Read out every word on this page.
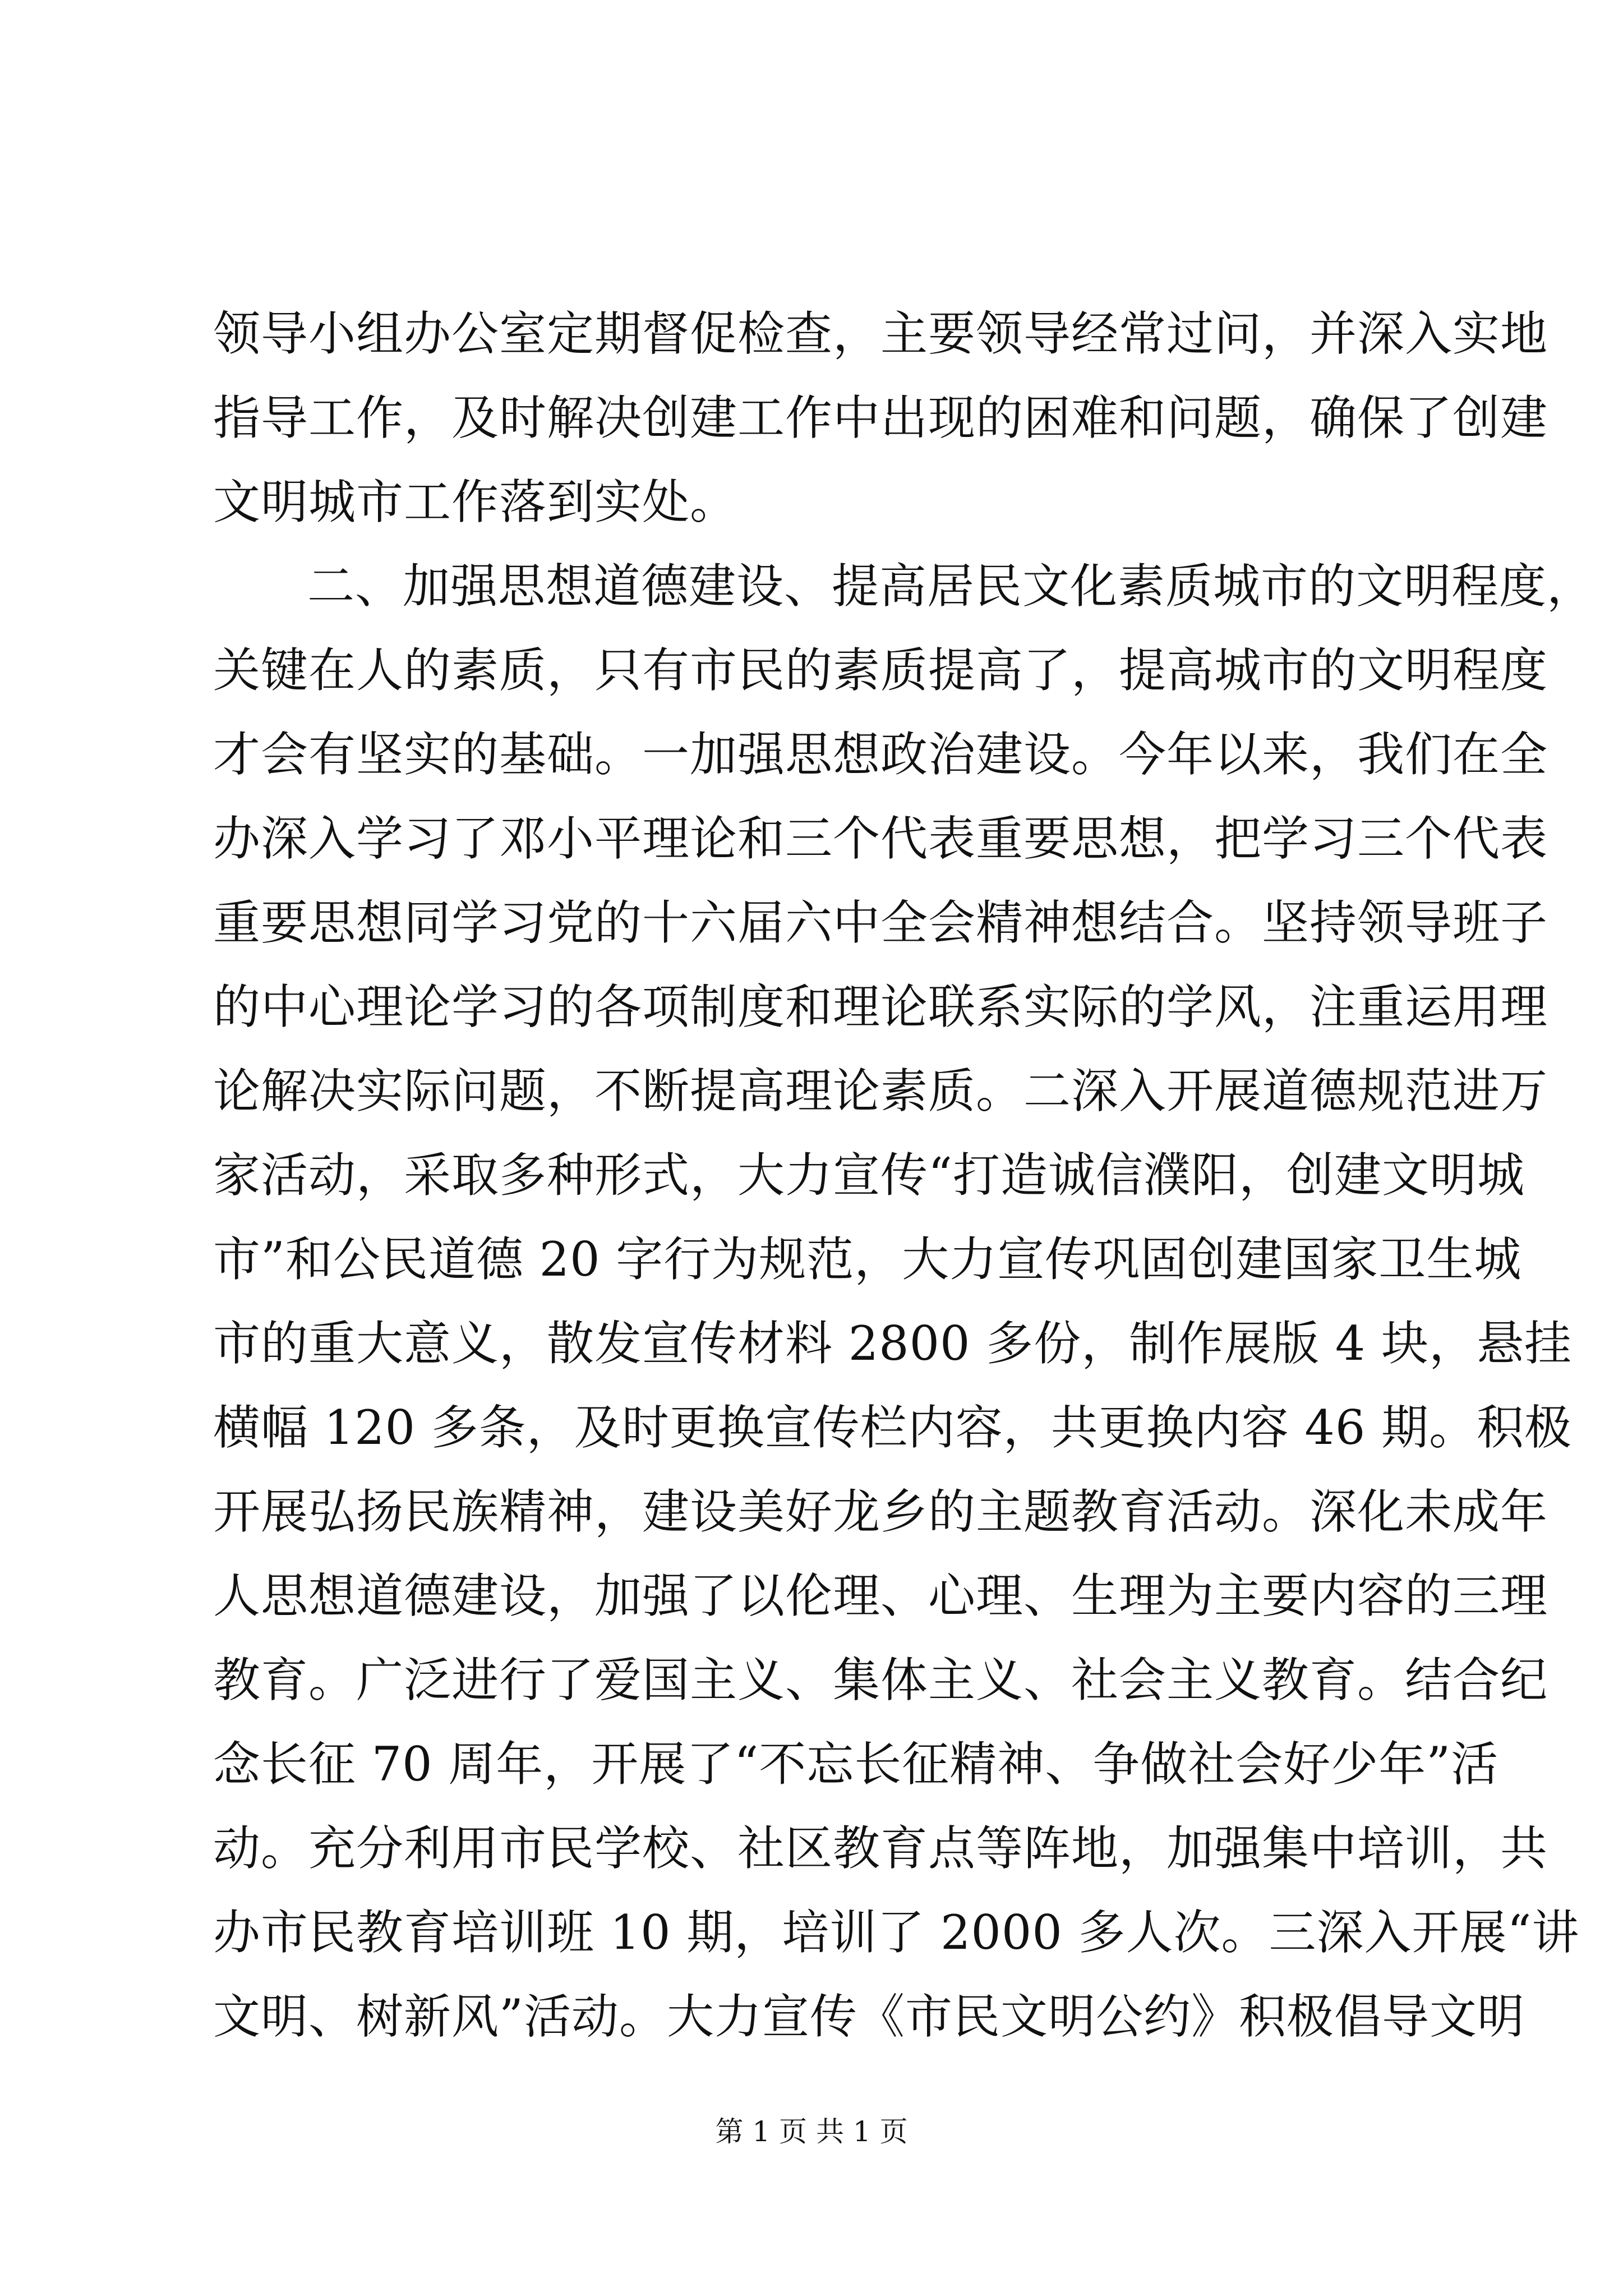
领导小组办公室定期督促检查，主要领导经常过问，并深入实地
指导工作，及时解决创建工作中出现的困难和问题，确保了创建
文明城市工作落到实处。
二、加强思想道德建设、提高居民文化素质城市的文明程度，
关键在人的素质，只有市民的素质提高了，提高城市的文明程度
才会有坚实的基础。一加强思想政治建设。今年以来，我们在全
办深入学习了邓小平理论和三个代表重要思想，把学习三个代表
重要思想同学习党的十六届六中全会精神想结合。坚持领导班子
的中心理论学习的各项制度和理论联系实际的学风，注重运用理
论解决实际问题，不断提高理论素质。二深入开展道德规范进万
家活动，采取多种形式，大力宣传“打造诚信濮阳，创建文明城
市”和公民道德 20 字行为规范，大力宣传巩固创建国家卫生城
市的重大意义，散发宣传材料 2800 多份，制作展版 4 块，悬挂
横幅 120 多条，及时更换宣传栏内容，共更换内容 46 期。积极
开展弘扬民族精神，建设美好龙乡的主题教育活动。深化未成年
人思想道德建设，加强了以伦理、心理、生理为主要内容的三理
教育。广泛进行了爱国主义、集体主义、社会主义教育。结合纪
念长征 70 周年，开展了“不忘长征精神、争做社会好少年”活
动。充分利用市民学校、社区教育点等阵地，加强集中培训，共
办市民教育培训班 10 期，培训了 2000 多人次。三深入开展“讲
文明、树新风”活动。大力宣传《市民文明公约》积极倡导文明
第 1 页 共 1 页
